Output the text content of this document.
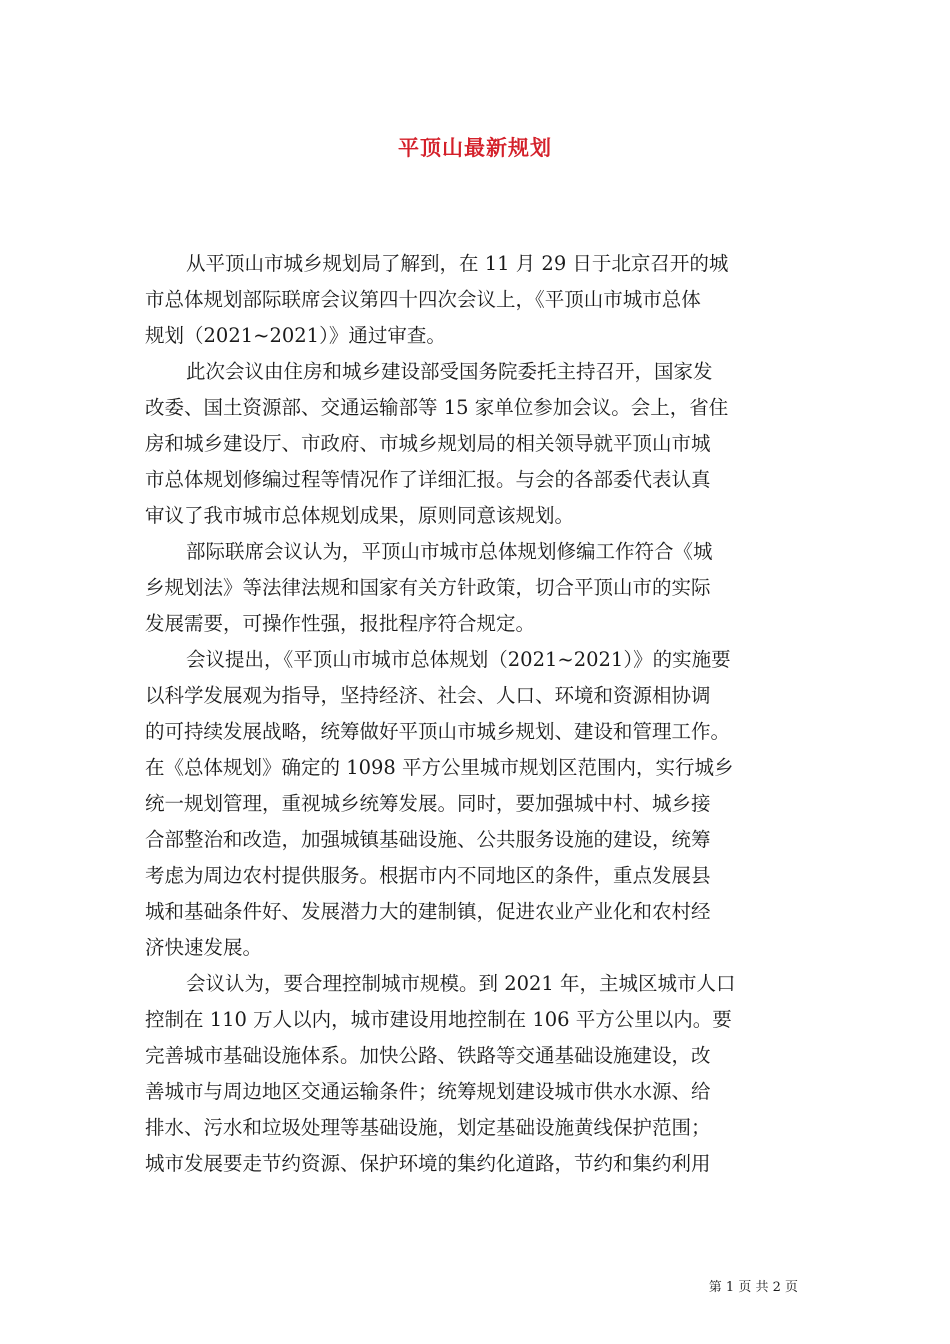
平顶山最新规划
从平顶山市城乡规划局了解到，在 11 月 29 日于北京召开的城
市总体规划部际联席会议第四十四次会议上，《平顶山市城市总体
规划（2021~2021）》通过审查。
此次会议由住房和城乡建设部受国务院委托主持召开，国家发
改委、国土资源部、交通运输部等 15 家单位参加会议。会上，省住
房和城乡建设厅、市政府、市城乡规划局的相关领导就平顶山市城
市总体规划修编过程等情况作了详细汇报。与会的各部委代表认真
审议了我市城市总体规划成果，原则同意该规划。
部际联席会议认为，平顶山市城市总体规划修编工作符合《城
乡规划法》等法律法规和国家有关方针政策，切合平顶山市的实际
发展需要，可操作性强，报批程序符合规定。
会议提出，《平顶山市城市总体规划（2021~2021）》的实施要
以科学发展观为指导，坚持经济、社会、人口、环境和资源相协调
的可持续发展战略，统筹做好平顶山市城乡规划、建设和管理工作。
在《总体规划》确定的 1098 平方公里城市规划区范围内，实行城乡
统一规划管理，重视城乡统筹发展。同时，要加强城中村、城乡接
合部整治和改造，加强城镇基础设施、公共服务设施的建设，统筹
考虑为周边农村提供服务。根据市内不同地区的条件，重点发展县
城和基础条件好、发展潜力大的建制镇，促进农业产业化和农村经
济快速发展。
会议认为，要合理控制城市规模。到 2021 年，主城区城市人口
控制在 110 万人以内，城市建设用地控制在 106 平方公里以内。要
完善城市基础设施体系。加快公路、铁路等交通基础设施建设，改
善城市与周边地区交通运输条件；统筹规划建设城市供水水源、给
排水、污水和垃圾处理等基础设施，划定基础设施黄线保护范围；
城市发展要走节约资源、保护环境的集约化道路，节约和集约利用
第 1 页 共 2 页
